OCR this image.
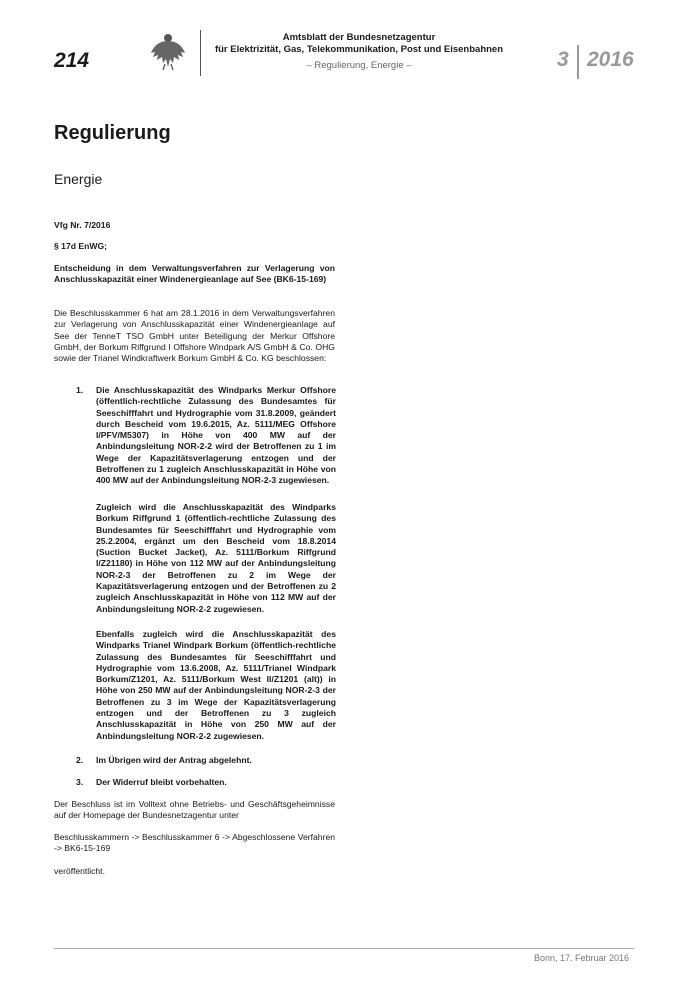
214
Amtsblatt der Bundesnetzagentur
für Elektrizität, Gas, Telekommunikation, Post und Eisenbahnen
– Regulierung, Energie –	3 2016
Regulierung
Energie
Vfg Nr. 7/2016
§ 17d EnWG;
Entscheidung in dem Verwaltungsverfahren zur Verlagerung von Anschlusskapazität einer Windenergieanlage auf See (BK6-15-169)
Die Beschlusskammer 6 hat am 28.1.2016 in dem Verwaltungsverfahren zur Verlagerung von Anschlusskapazität einer Windenergieanlage auf See der TenneT TSO GmbH unter Beteiligung der Merkur Offshore GmbH, der Borkum Riffgrund I Offshore Windpark A/S GmbH & Co. OHG sowie der Trianel Windkraftwerk Borkum GmbH & Co. KG beschlossen:
1. Die Anschlusskapazität des Windparks Merkur Offshore (öffentlich-rechtliche Zulassung des Bundesamtes für Seeschifffahrt und Hydrographie vom 31.8.2009, geändert durch Bescheid vom 19.6.2015, Az. 5111/MEG Offshore I/PFV/M5307) in Höhe von 400 MW auf der Anbindungsleitung NOR-2-2 wird der Betroffenen zu 1 im Wege der Kapazitätsverlagerung entzogen und der Betroffenen zu 1 zugleich Anschlusskapazität in Höhe von 400 MW auf der Anbindungsleitung NOR-2-3 zugewiesen.
Zugleich wird die Anschlusskapazität des Windparks Borkum Riffgrund 1 (öffentlich-rechtliche Zulassung des Bundesamtes für Seeschifffahrt und Hydrographie vom 25.2.2004, ergänzt um den Bescheid vom 18.8.2014 (Suction Bucket Jacket), Az. 5111/Borkum Riffgrund I/Z21180) in Höhe von 112 MW auf der Anbindungsleitung NOR-2-3 der Betroffenen zu 2 im Wege der Kapazitätsverlagerung entzogen und der Betroffenen zu 2 zugleich Anschlusskapazität in Höhe von 112 MW auf der Anbindungsleitung NOR-2-2 zugewiesen.
Ebenfalls zugleich wird die Anschlusskapazität des Windparks Trianel Windpark Borkum (öffentlich-rechtliche Zulassung des Bundesamtes für Seeschifffahrt und Hydrographie vom 13.6.2008, Az. 5111/Trianel Windpark Borkum/Z1201, Az. 5111/Borkum West II/Z1201 (alt)) in Höhe von 250 MW auf der Anbindungsleitung NOR-2-3 der Betroffenen zu 3 im Wege der Kapazitätsverlagerung entzogen und der Betroffenen zu 3 zugleich Anschlusskapazität in Höhe von 250 MW auf der Anbindungsleitung NOR-2-2 zugewiesen.
2. Im Übrigen wird der Antrag abgelehnt.
3. Der Widerruf bleibt vorbehalten.
Der Beschluss ist im Volltext ohne Betriebs- und Geschäftsgeheimnisse auf der Homepage der Bundesnetzagentur unter
Beschlusskammern -> Beschlusskammer 6 -> Abgeschlossene Verfahren -> BK6-15-169
veröffentlicht.
Bonn, 17. Februar 2016
